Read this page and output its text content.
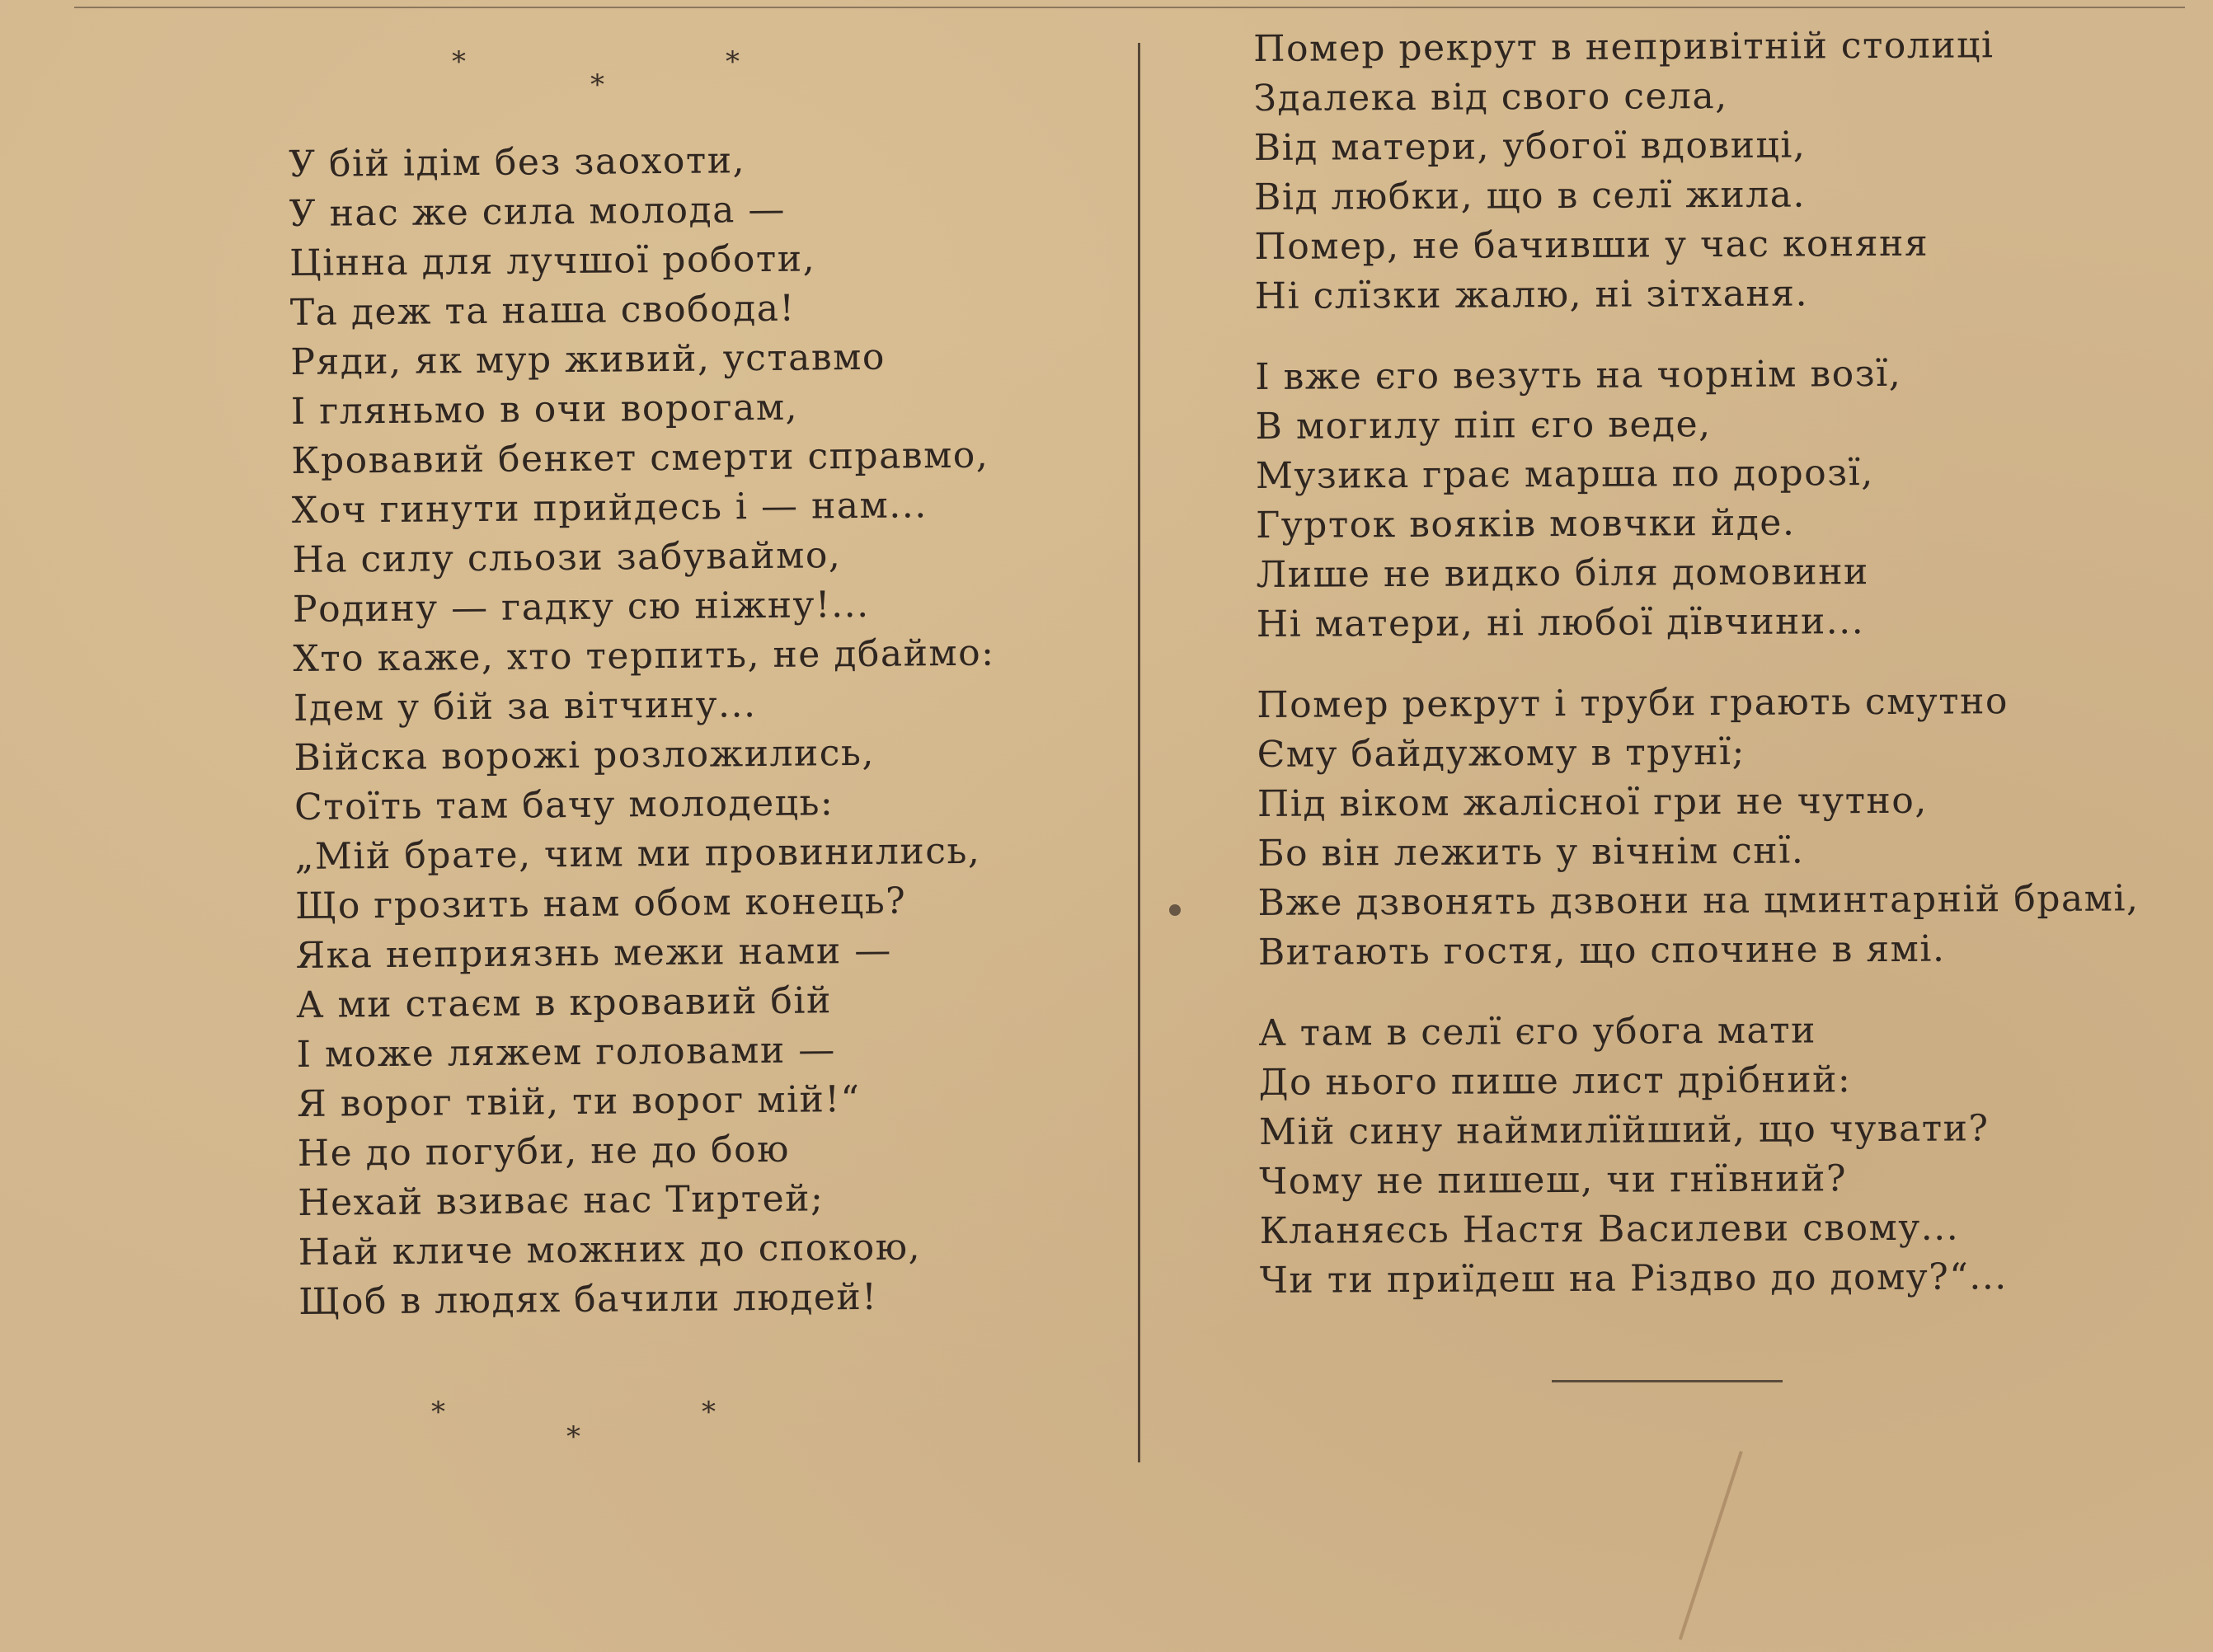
*	*
*
У бій ідім без заохоти,
У нас же сила молода —
Цінна для лучшої роботи,
Та деж та наша свобода!
Ряди, як мур живий, уставмо
І гляньмо в очи ворогам,
Кровавий бенкет смерти справмо,
Хоч гинути прийдесь і — нам...
На силу сльози забуваймо,
Родину — гадку сю ніжну!...
Хто каже, хто терпить, не дбаймо:
Ідем у бій за вітчину...
Війска ворожі розложились,
Стоїть там бачу молодець:
„Мій брате, чим ми провинились,
Що грозить нам обом конець?
Яка неприязнь межи нами —
А ми стаєм в кровавий бій
І може ляжем головами —
Я ворог твій, ти ворог мій!“
Не до погуби, не до бою
Нехай взиває нас Тиртей;
Най кличе можних до спокою,
Щоб в людях бачили людей!
*	*
*
Помер рекрут в непривітній столиці
Здалека від свого села,
Від матери, убогої вдовиці,
Від любки, що в селї жила.
Помер, не бачивши у час коняня
Ні слїзки жалю, ні зітханя.
І вже єго везуть на чорнім возї,
В могилу піп єго веде,
Музика грає марша по дорозї,
Гурток вояків мовчки йде.
Лише не видко біля домовини
Ні матери, ні любої дївчини...
Помер рекрут і труби грають смутно
Єму байдужому в трунї;
Під віком жалісної гри не чутно,
Бо він лежить у вічнім снї.
Вже дзвонять дзвони на цминтарній брамі,
Витають гостя, що спочине в ямі.
А там в селї єго убога мати
До нього пише лист дрібний:
Мій сину наймилїйший, що чувати?
Чому не пишеш, чи гнївний?
Кланяєсь Настя Василеви свому...
Чи ти приїдеш на Різдво до дому?“...
